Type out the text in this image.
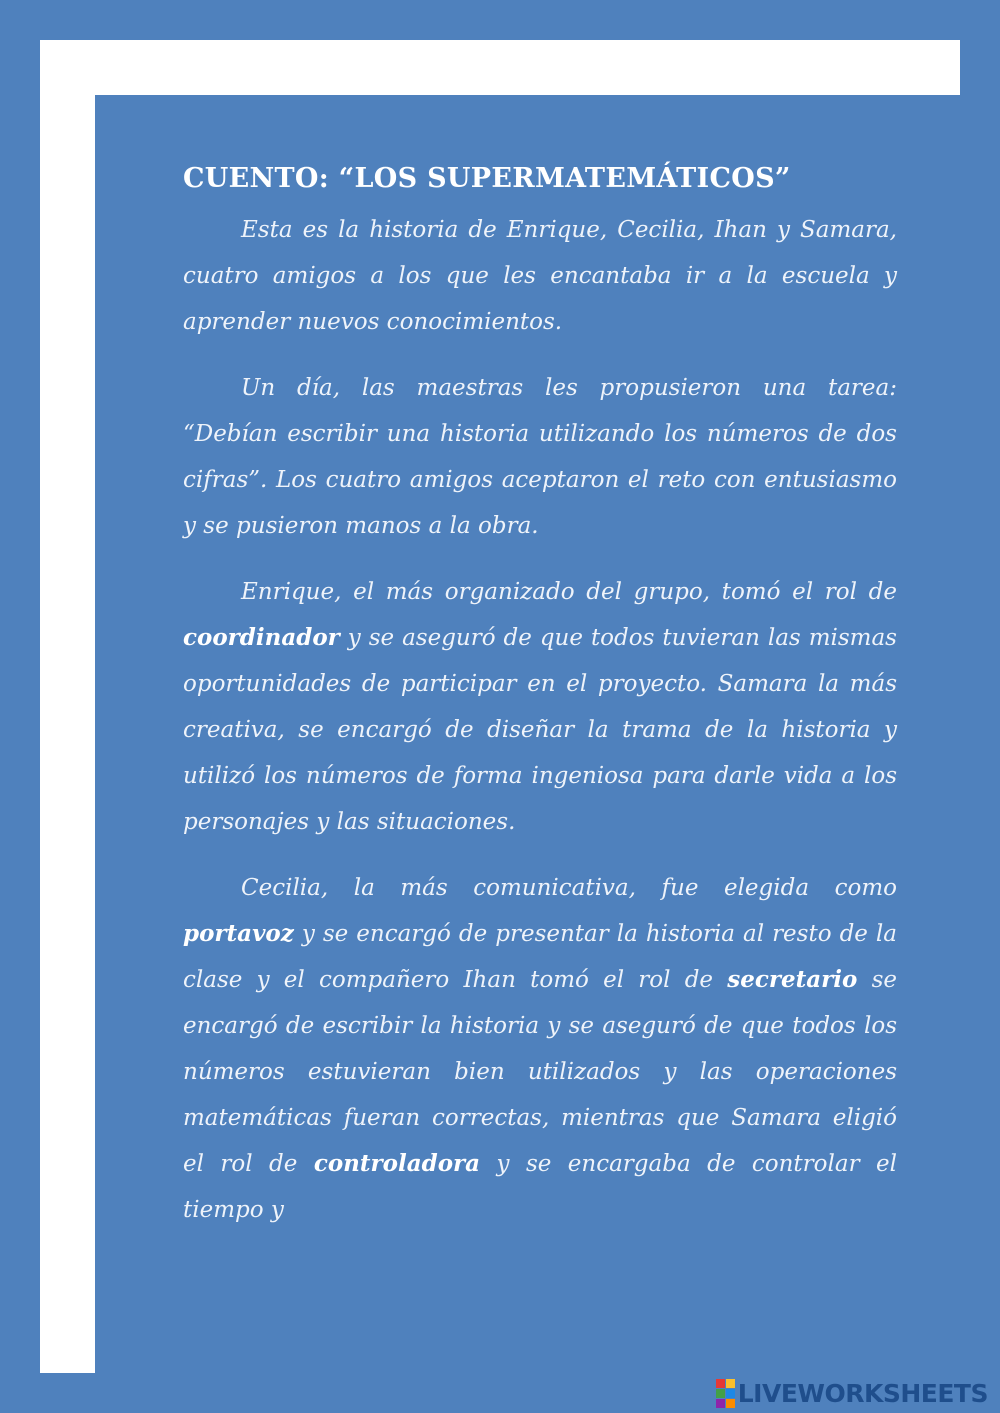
CUENTO: “LOS SUPERMATEMÁTICOS”

Esta es la historia de Enrique, Cecilia, Ihan y Samara, cuatro amigos a los que les encantaba ir a la escuela y aprender nuevos conocimientos.

Un día, las maestras les propusieron una tarea: “Debían escribir una historia utilizando los números de dos cifras”. Los cuatro amigos aceptaron el reto con entusiasmo y se pusieron manos a la obra.

Enrique, el más organizado del grupo, tomó el rol de coordinador y se aseguró de que todos tuvieran las mismas oportunidades de participar en el proyecto. Samara la más creativa, se encargó de diseñar la trama de la historia y utilizó los números de forma ingeniosa para darle vida a los personajes y las situaciones.

Cecilia, la más comunicativa, fue elegida como portavoz y se encargó de presentar la historia al resto de la clase y el compañero Ihan tomó el rol de secretario se encargó de escribir la historia y se aseguró de que todos los números estuvieran bien utilizados y las operaciones matemáticas fueran correctas, mientras que Samara eligió el rol de controladora y se encargaba de controlar el tiempo y

LIVEWORKSHEETS
